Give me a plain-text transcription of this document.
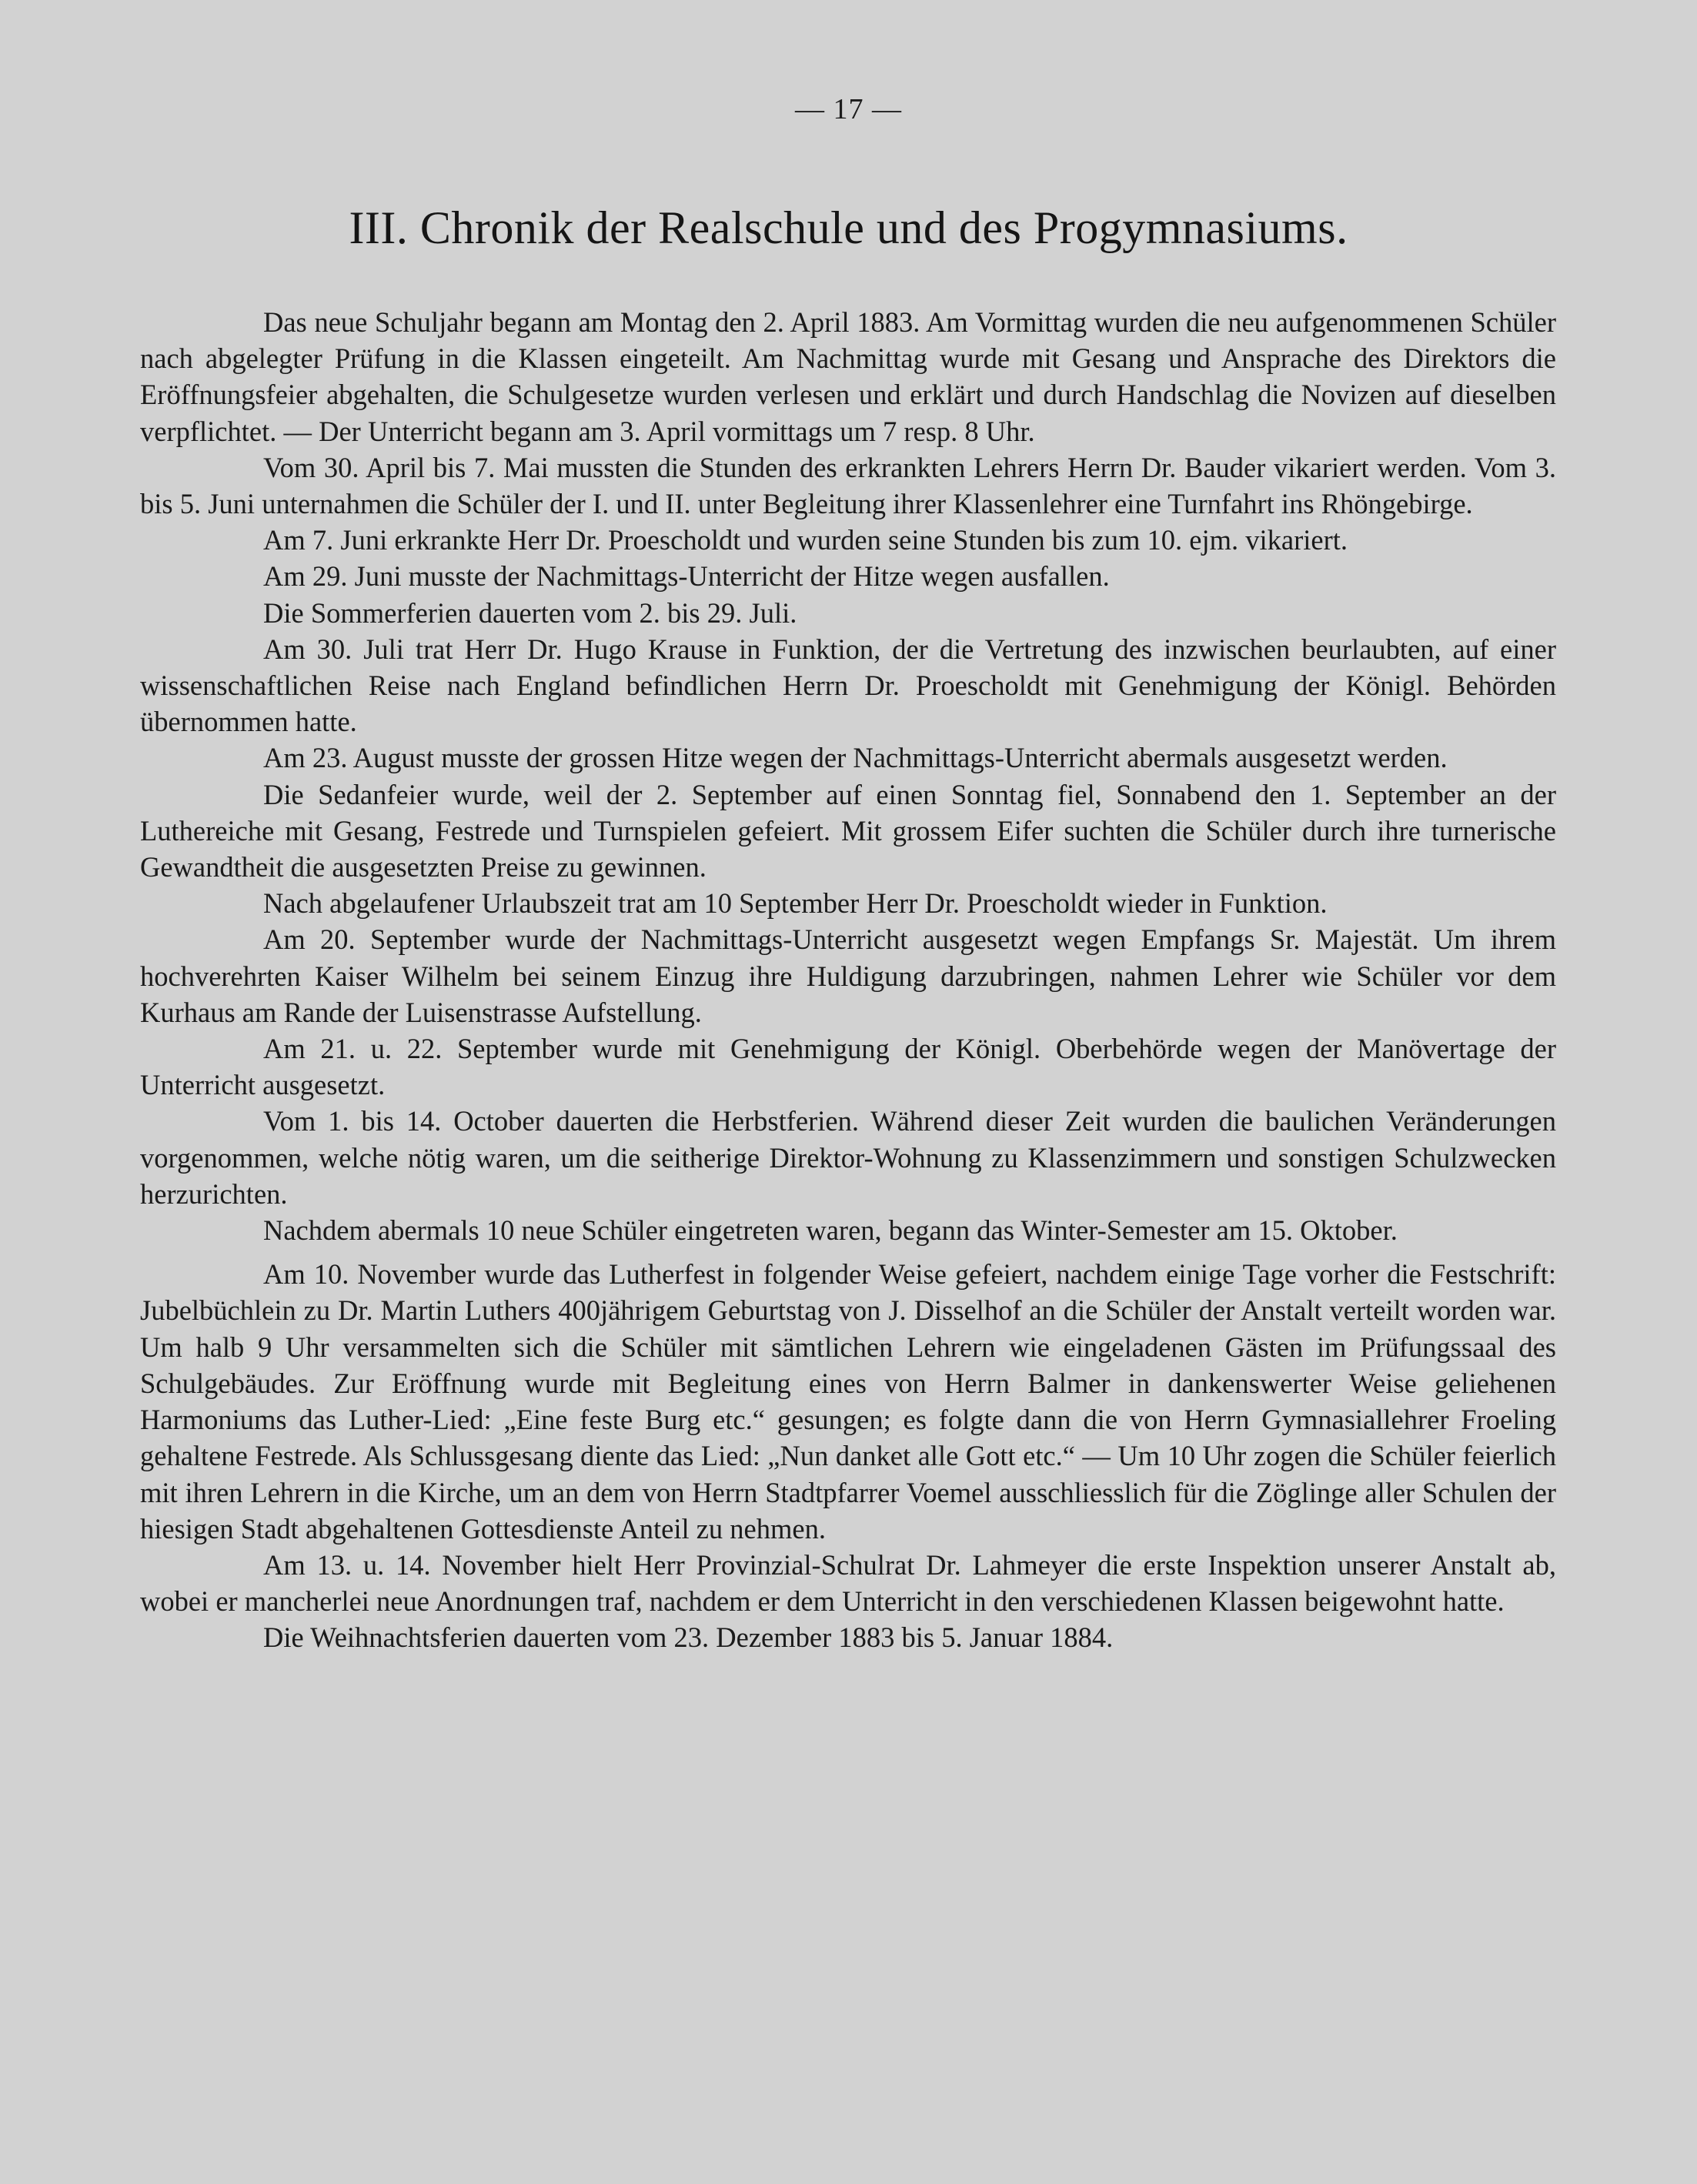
— 17 —
III. Chronik der Realschule und des Progymnasiums.

Das neue Schuljahr begann am Montag den 2. April 1883. Am Vormittag wurden die neu aufgenommenen Schüler nach abgelegter Prüfung in die Klassen eingeteilt. Am Nachmittag wurde mit Gesang und Ansprache des Direktors die Eröffnungsfeier abgehalten, die Schulgesetze wurden verlesen und erklärt und durch Handschlag die Novizen auf dieselben verpflichtet. — Der Unterricht begann am 3. April vormittags um 7 resp. 8 Uhr.

Vom 30. April bis 7. Mai mussten die Stunden des erkrankten Lehrers Herrn Dr. Bauder vikariert werden. Vom 3. bis 5. Juni unternahmen die Schüler der I. und II. unter Begleitung ihrer Klassenlehrer eine Turnfahrt ins Rhöngebirge.

Am 7. Juni erkrankte Herr Dr. Proescholdt und wurden seine Stunden bis zum 10. ejm. vikariert.

Am 29. Juni musste der Nachmittags-Unterricht der Hitze wegen ausfallen.

Die Sommerferien dauerten vom 2. bis 29. Juli.

Am 30. Juli trat Herr Dr. Hugo Krause in Funktion, der die Vertretung des inzwischen beurlaubten, auf einer wissenschaftlichen Reise nach England befindlichen Herrn Dr. Proescholdt mit Genehmigung der Königl. Behörden übernommen hatte.

Am 23. August musste der grossen Hitze wegen der Nachmittags-Unterricht abermals ausgesetzt werden.

Die Sedanfeier wurde, weil der 2. September auf einen Sonntag fiel, Sonnabend den 1. September an der Luthereiche mit Gesang, Festrede und Turnspielen gefeiert. Mit grossem Eifer suchten die Schüler durch ihre turnerische Gewandtheit die ausgesetzten Preise zu gewinnen.

Nach abgelaufener Urlaubszeit trat am 10 September Herr Dr. Proescholdt wieder in Funktion.

Am 20. September wurde der Nachmittags-Unterricht ausgesetzt wegen Empfangs Sr. Majestät. Um ihrem hochverehrten Kaiser Wilhelm bei seinem Einzug ihre Huldigung darzubringen, nahmen Lehrer wie Schüler vor dem Kurhaus am Rande der Luisenstrasse Aufstellung.

Am 21. u. 22. September wurde mit Genehmigung der Königl. Oberbehörde wegen der Manövertage der Unterricht ausgesetzt.

Vom 1. bis 14. October dauerten die Herbstferien. Während dieser Zeit wurden die baulichen Veränderungen vorgenommen, welche nötig waren, um die seitherige Direktor-Wohnung zu Klassenzimmern und sonstigen Schulzwecken herzurichten.

Nachdem abermals 10 neue Schüler eingetreten waren, begann das Winter-Semester am 15. Oktober.

Am 10. November wurde das Lutherfest in folgender Weise gefeiert, nachdem einige Tage vorher die Festschrift: Jubelbüchlein zu Dr. Martin Luthers 400jährigem Geburtstag von J. Disselhof an die Schüler der Anstalt verteilt worden war. Um halb 9 Uhr versammelten sich die Schüler mit sämtlichen Lehrern wie eingeladenen Gästen im Prüfungssaal des Schulgebäudes. Zur Eröffnung wurde mit Begleitung eines von Herrn Balmer in dankenswerter Weise geliehenen Harmoniums das Luther-Lied: „Eine feste Burg etc.“ gesungen; es folgte dann die von Herrn Gymnasiallehrer Froeling gehaltene Festrede. Als Schlussgesang diente das Lied: „Nun danket alle Gott etc.“ — Um 10 Uhr zogen die Schüler feierlich mit ihren Lehrern in die Kirche, um an dem von Herrn Stadtpfarrer Voemel ausschliesslich für die Zöglinge aller Schulen der hiesigen Stadt abgehaltenen Gottesdienste Anteil zu nehmen.

Am 13. u. 14. November hielt Herr Provinzial-Schulrat Dr. Lahmeyer die erste Inspektion unserer Anstalt ab, wobei er mancherlei neue Anordnungen traf, nachdem er dem Unterricht in den verschiedenen Klassen beigewohnt hatte.

Die Weihnachtsferien dauerten vom 23. Dezember 1883 bis 5. Januar 1884.
